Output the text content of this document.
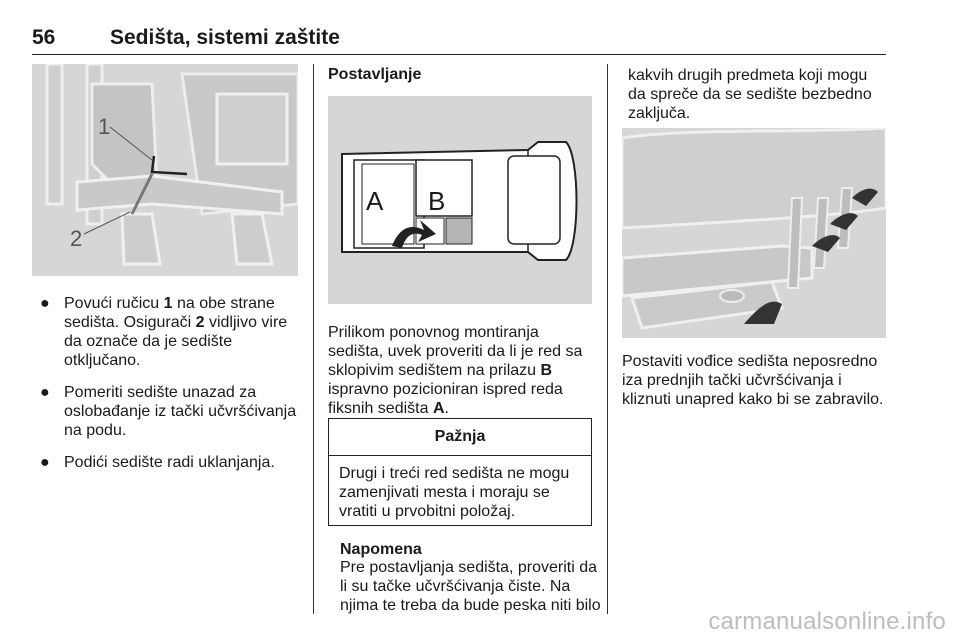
56	Sedišta, sistemi zaštite
1
2
● Povući ručicu 1 na obe strane sedišta. Osigurači 2 vidljivo vire da označe da je sedište otključano.
● Pomeriti sedište unazad za oslobađanje iz tački učvršćivanja na podu.
● Podići sedište radi uklanjanja.
Postavljanje
A B
Prilikom ponovnog montiranja sedišta, uvek proveriti da li je red sa sklopivim sedištem na prilazu B ispravno pozicioniran ispred reda fiksnih sedišta A.
Pažnja
Drugi i treći red sedišta ne mogu zamenjivati mesta i moraju se vratiti u prvobitni položaj.
Napomena
Pre postavljanja sedišta, proveriti da li su tačke učvršćivanja čiste. Na njima te treba da bude peska niti bilo
kakvih drugih predmeta koji mogu da spreče da se sedište bezbedno zaključa.
Postaviti vođice sedišta neposredno iza prednjih tački učvršćivanja i kliznuti unapred kako bi se zabravilo.
carmanualsonline.info
